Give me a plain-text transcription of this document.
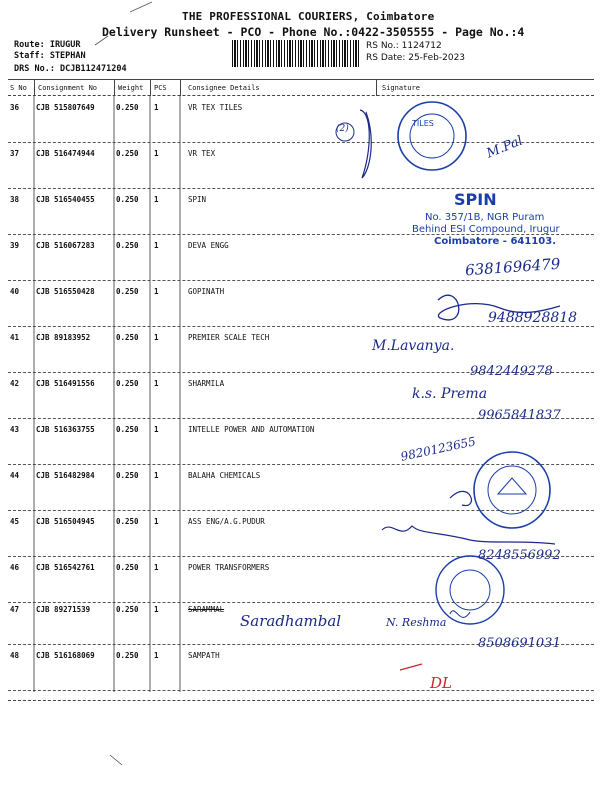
THE PROFESSIONAL COURIERS, Coimbatore
Delivery Runsheet - PCO - Phone No.:0422-3505555 - Page No.:4
Route: IRUGUR
Staff: STEPHAN
DRS No.: DCJB112471204
RS No.: 1124712
RS Date: 25-Feb-2023
S No Consignment No	Weight PCS	Consignee Details	Signature
36 CJB 515807649	0.250 1	VR TEX TILES
37 CJB 516474944	0.250 1	VR TEX
38 CJB 516540455	0.250 1	SPIN
39 CJB 516067283	0.250 1	DEVA ENGG
40 CJB 516550428	0.250 1	GOPINATH
41 CJB 89183952	0.250 1	PREMIER SCALE TECH
42 CJB 516491556	0.250 1	SHARMILA
43 CJB 516363755	0.250 1	INTELLE POWER AND AUTOMATION
44 CJB 516482984	0.250 1	BALAHA CHEMICALS
45 CJB 516504945	0.250 1	ASS ENG/A.G.PUDUR
46 CJB 516542761	0.250 1	POWER TRANSFORMERS
47 CJB 89271539	0.250 1	SARAMMAL
48 CJB 516168069	0.250 1	SAMPATH
TILES
SPIN
No. 357/1B, NGR Puram
Behind ESI Compound, Irugur
Coimbatore - 641103.
(2)
M.Pal
6381696479
9488928818
M.Lavanya.
9842449278
k.s. Prema
9965841837
9820123655
8248556992
Saradhambal	N. Reshma
8508691031
DL
